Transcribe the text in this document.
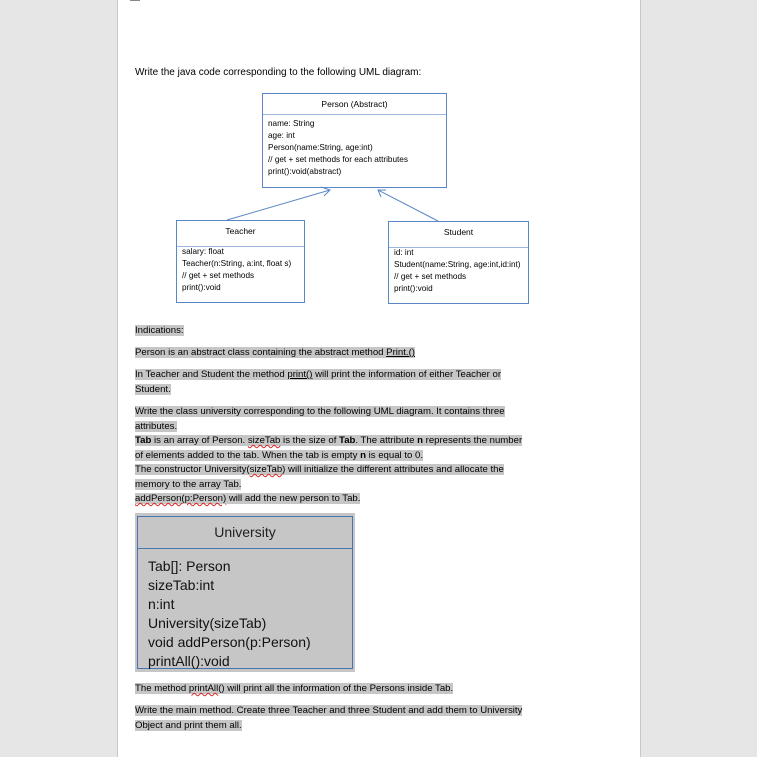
Write the java code corresponding to the following UML diagram:
Person (Abstract)
name: String
age: int
Person(name:String, age:int)
// get + set methods for each attributes
print():void(abstract)
Teacher
salary: float
Teacher(n:String, a:int, float s)
// get + set methods
print():void
Student
id: int
Student(name:String, age:int,id:int)
// get + set methods
print():void
Indications:
Person is an abstract class containing the abstract method Print.()
In Teacher and Student the method print() will print the information of either Teacher or
Student.
Write the class university corresponding to the following UML diagram. It contains three
attributes.
Tab is an array of Person. sizeTab is the size of Tab. The attribute n represents the number
of elements added to the tab. When the tab is empty n is equal to 0.
The constructor University(sizeTab) will initialize the different attributes and allocate the
memory to the array Tab.
addPerson(p:Person) will add the new person to Tab.
University
Tab[]: Person
sizeTab:int
n:int
University(sizeTab)
void addPerson(p:Person)
printAll():void
The method printAll() will print all the information of the Persons inside Tab.
Write the main method. Create three Teacher and three Student and add them to University
Object and print them all.
